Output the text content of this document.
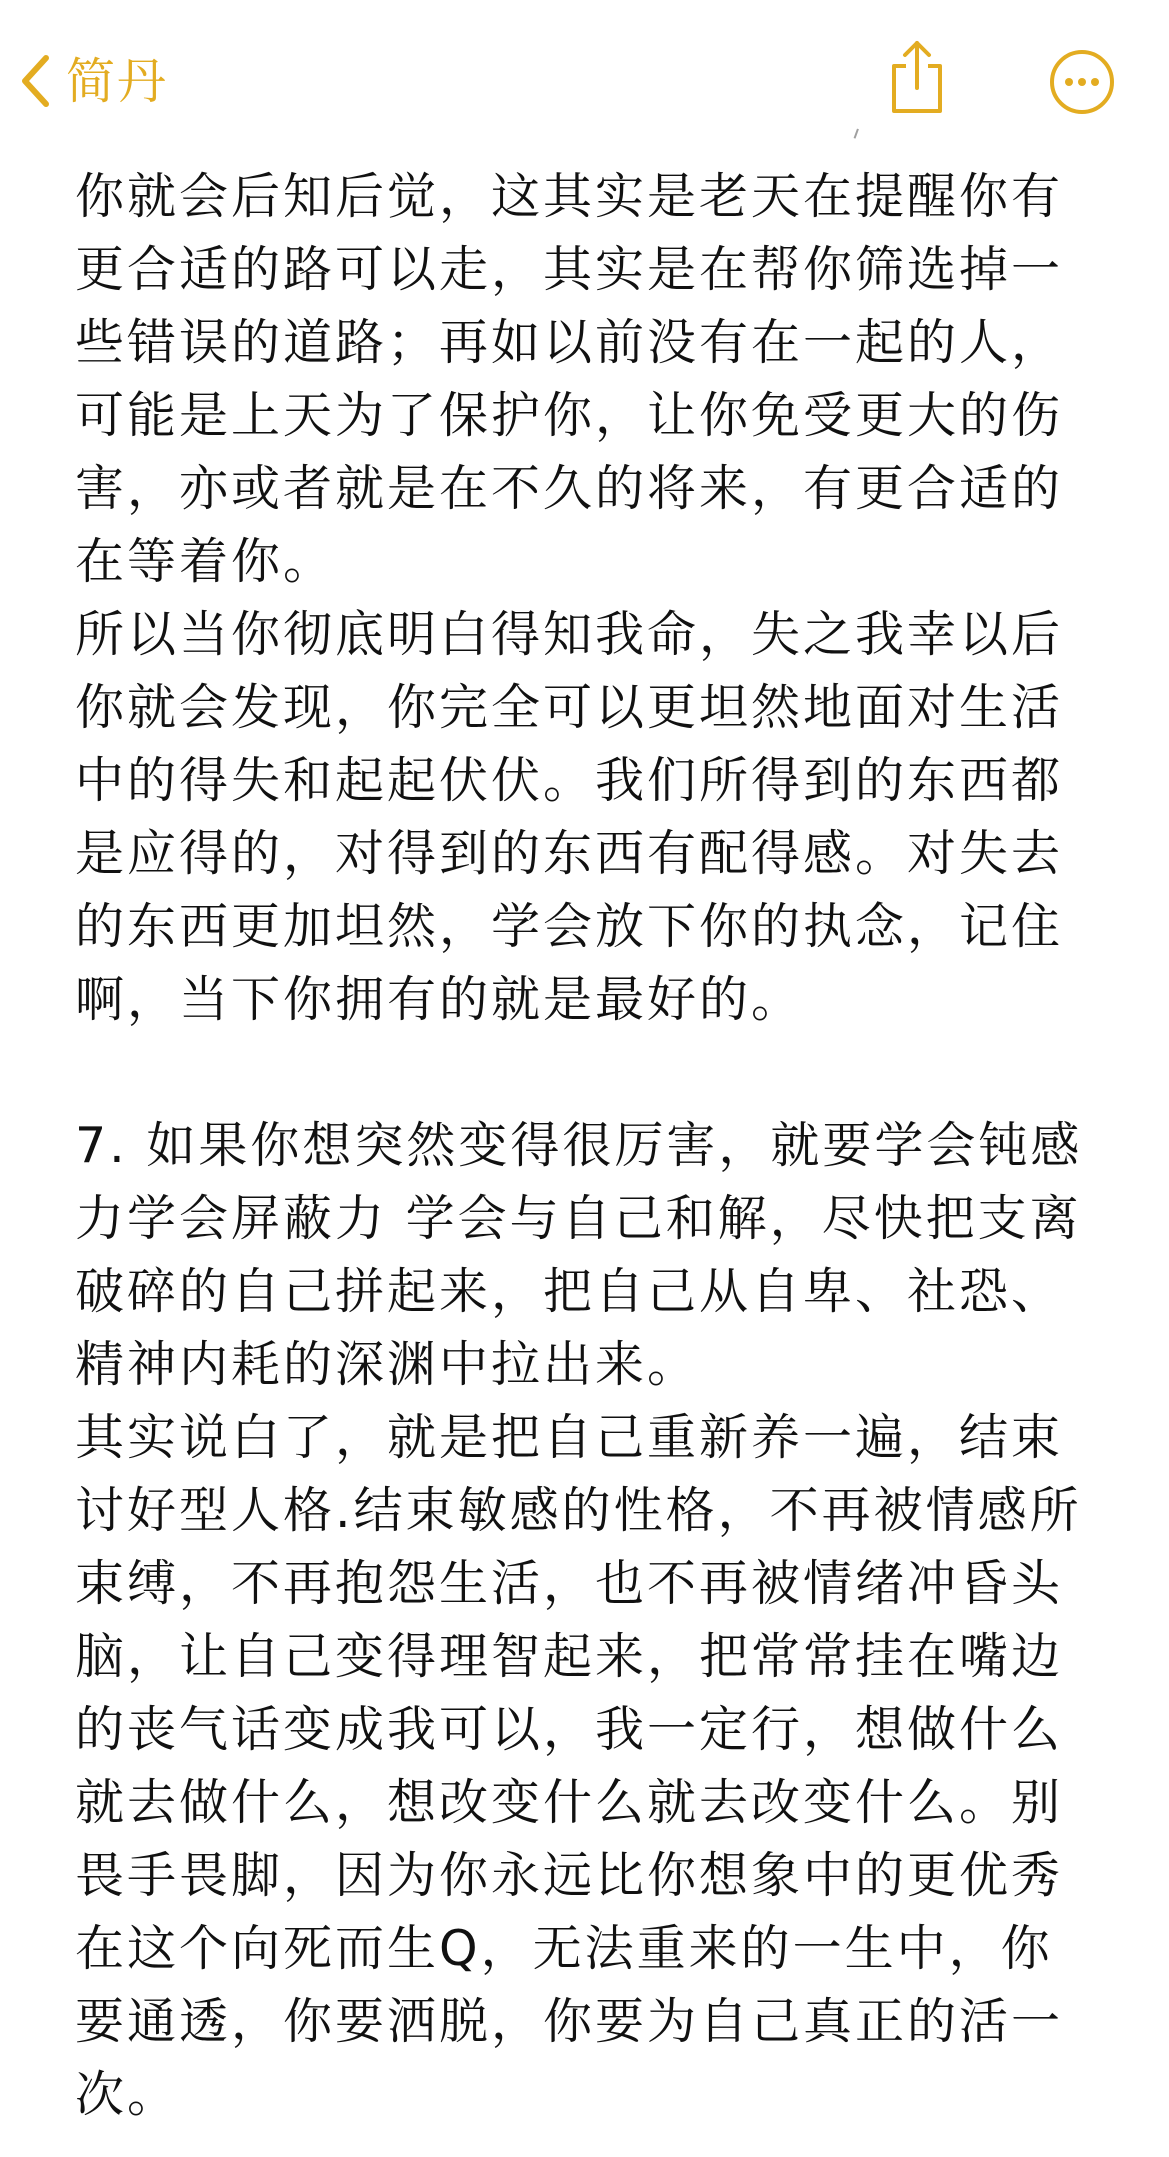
简丹
你就会后知后觉，这其实是老天在提醒你有
更合适的路可以走，其实是在帮你筛选掉一
些错误的道路；再如以前没有在一起的人，
可能是上天为了保护你，让你免受更大的伤
害，亦或者就是在不久的将来，有更合适的
在等着你。
所以当你彻底明白得知我命，失之我幸以后
你就会发现，你完全可以更坦然地面对生活
中的得失和起起伏伏。我们所得到的东西都
是应得的，对得到的东西有配得感。对失去
的东西更加坦然，学会放下你的执念，记住
啊，当下你拥有的就是最好的。
7. 如果你想突然变得很厉害，就要学会钝感
力学会屏蔽力 学会与自己和解，尽快把支离
破碎的自己拼起来，把自己从自卑、社恐、
精神内耗的深渊中拉出来。
其实说白了，就是把自己重新养一遍，结束
讨好型人格.结束敏感的性格，不再被情感所
束缚，不再抱怨生活，也不再被情绪冲昏头
脑，让自己变得理智起来，把常常挂在嘴边
的丧气话变成我可以，我一定行，想做什么
就去做什么，想改变什么就去改变什么。别
畏手畏脚，因为你永远比你想象中的更优秀
在这个向死而生Q，无法重来的一生中，你
要通透，你要洒脱，你要为自己真正的活一
次。
